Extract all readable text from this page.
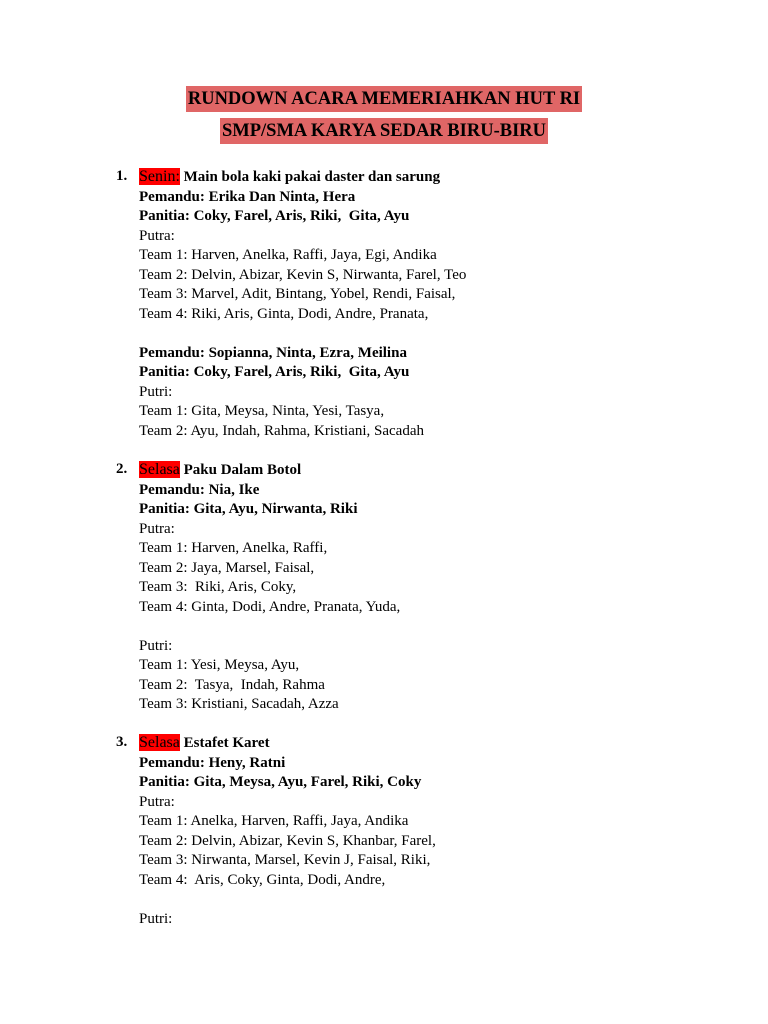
RUNDOWN ACARA MEMERIAHKAN HUT RI
SMP/SMA KARYA SEDAR BIRU-BIRU
1. Senin: Main bola kaki pakai daster dan sarung
Pemandu: Erika Dan Ninta, Hera
Panitia: Coky, Farel, Aris, Riki,  Gita, Ayu
Putra:
Team 1: Harven, Anelka, Raffi, Jaya, Egi, Andika
Team 2: Delvin, Abizar, Kevin S, Nirwanta, Farel, Teo
Team 3: Marvel, Adit, Bintang, Yobel, Rendi, Faisal,
Team 4: Riki, Aris, Ginta, Dodi, Andre, Pranata,
Pemandu: Sopianna, Ninta, Ezra, Meilina
Panitia: Coky, Farel, Aris, Riki,  Gita, Ayu
Putri:
Team 1: Gita, Meysa, Ninta, Yesi, Tasya,
Team 2: Ayu, Indah, Rahma, Kristiani, Sacadah
2. Selasa Paku Dalam Botol
Pemandu: Nia, Ike
Panitia: Gita, Ayu, Nirwanta, Riki
Putra:
Team 1: Harven, Anelka, Raffi,
Team 2: Jaya, Marsel, Faisal,
Team 3:  Riki, Aris, Coky,
Team 4: Ginta, Dodi, Andre, Pranata, Yuda,
Putri:
Team 1: Yesi, Meysa, Ayu,
Team 2:  Tasya,  Indah, Rahma
Team 3: Kristiani, Sacadah, Azza
3. Selasa Estafet Karet
Pemandu: Heny, Ratni
Panitia: Gita, Meysa, Ayu, Farel, Riki, Coky
Putra:
Team 1: Anelka, Harven, Raffi, Jaya, Andika
Team 2: Delvin, Abizar, Kevin S, Khanbar, Farel,
Team 3: Nirwanta, Marsel, Kevin J, Faisal, Riki,
Team 4:  Aris, Coky, Ginta, Dodi, Andre,
Putri:
